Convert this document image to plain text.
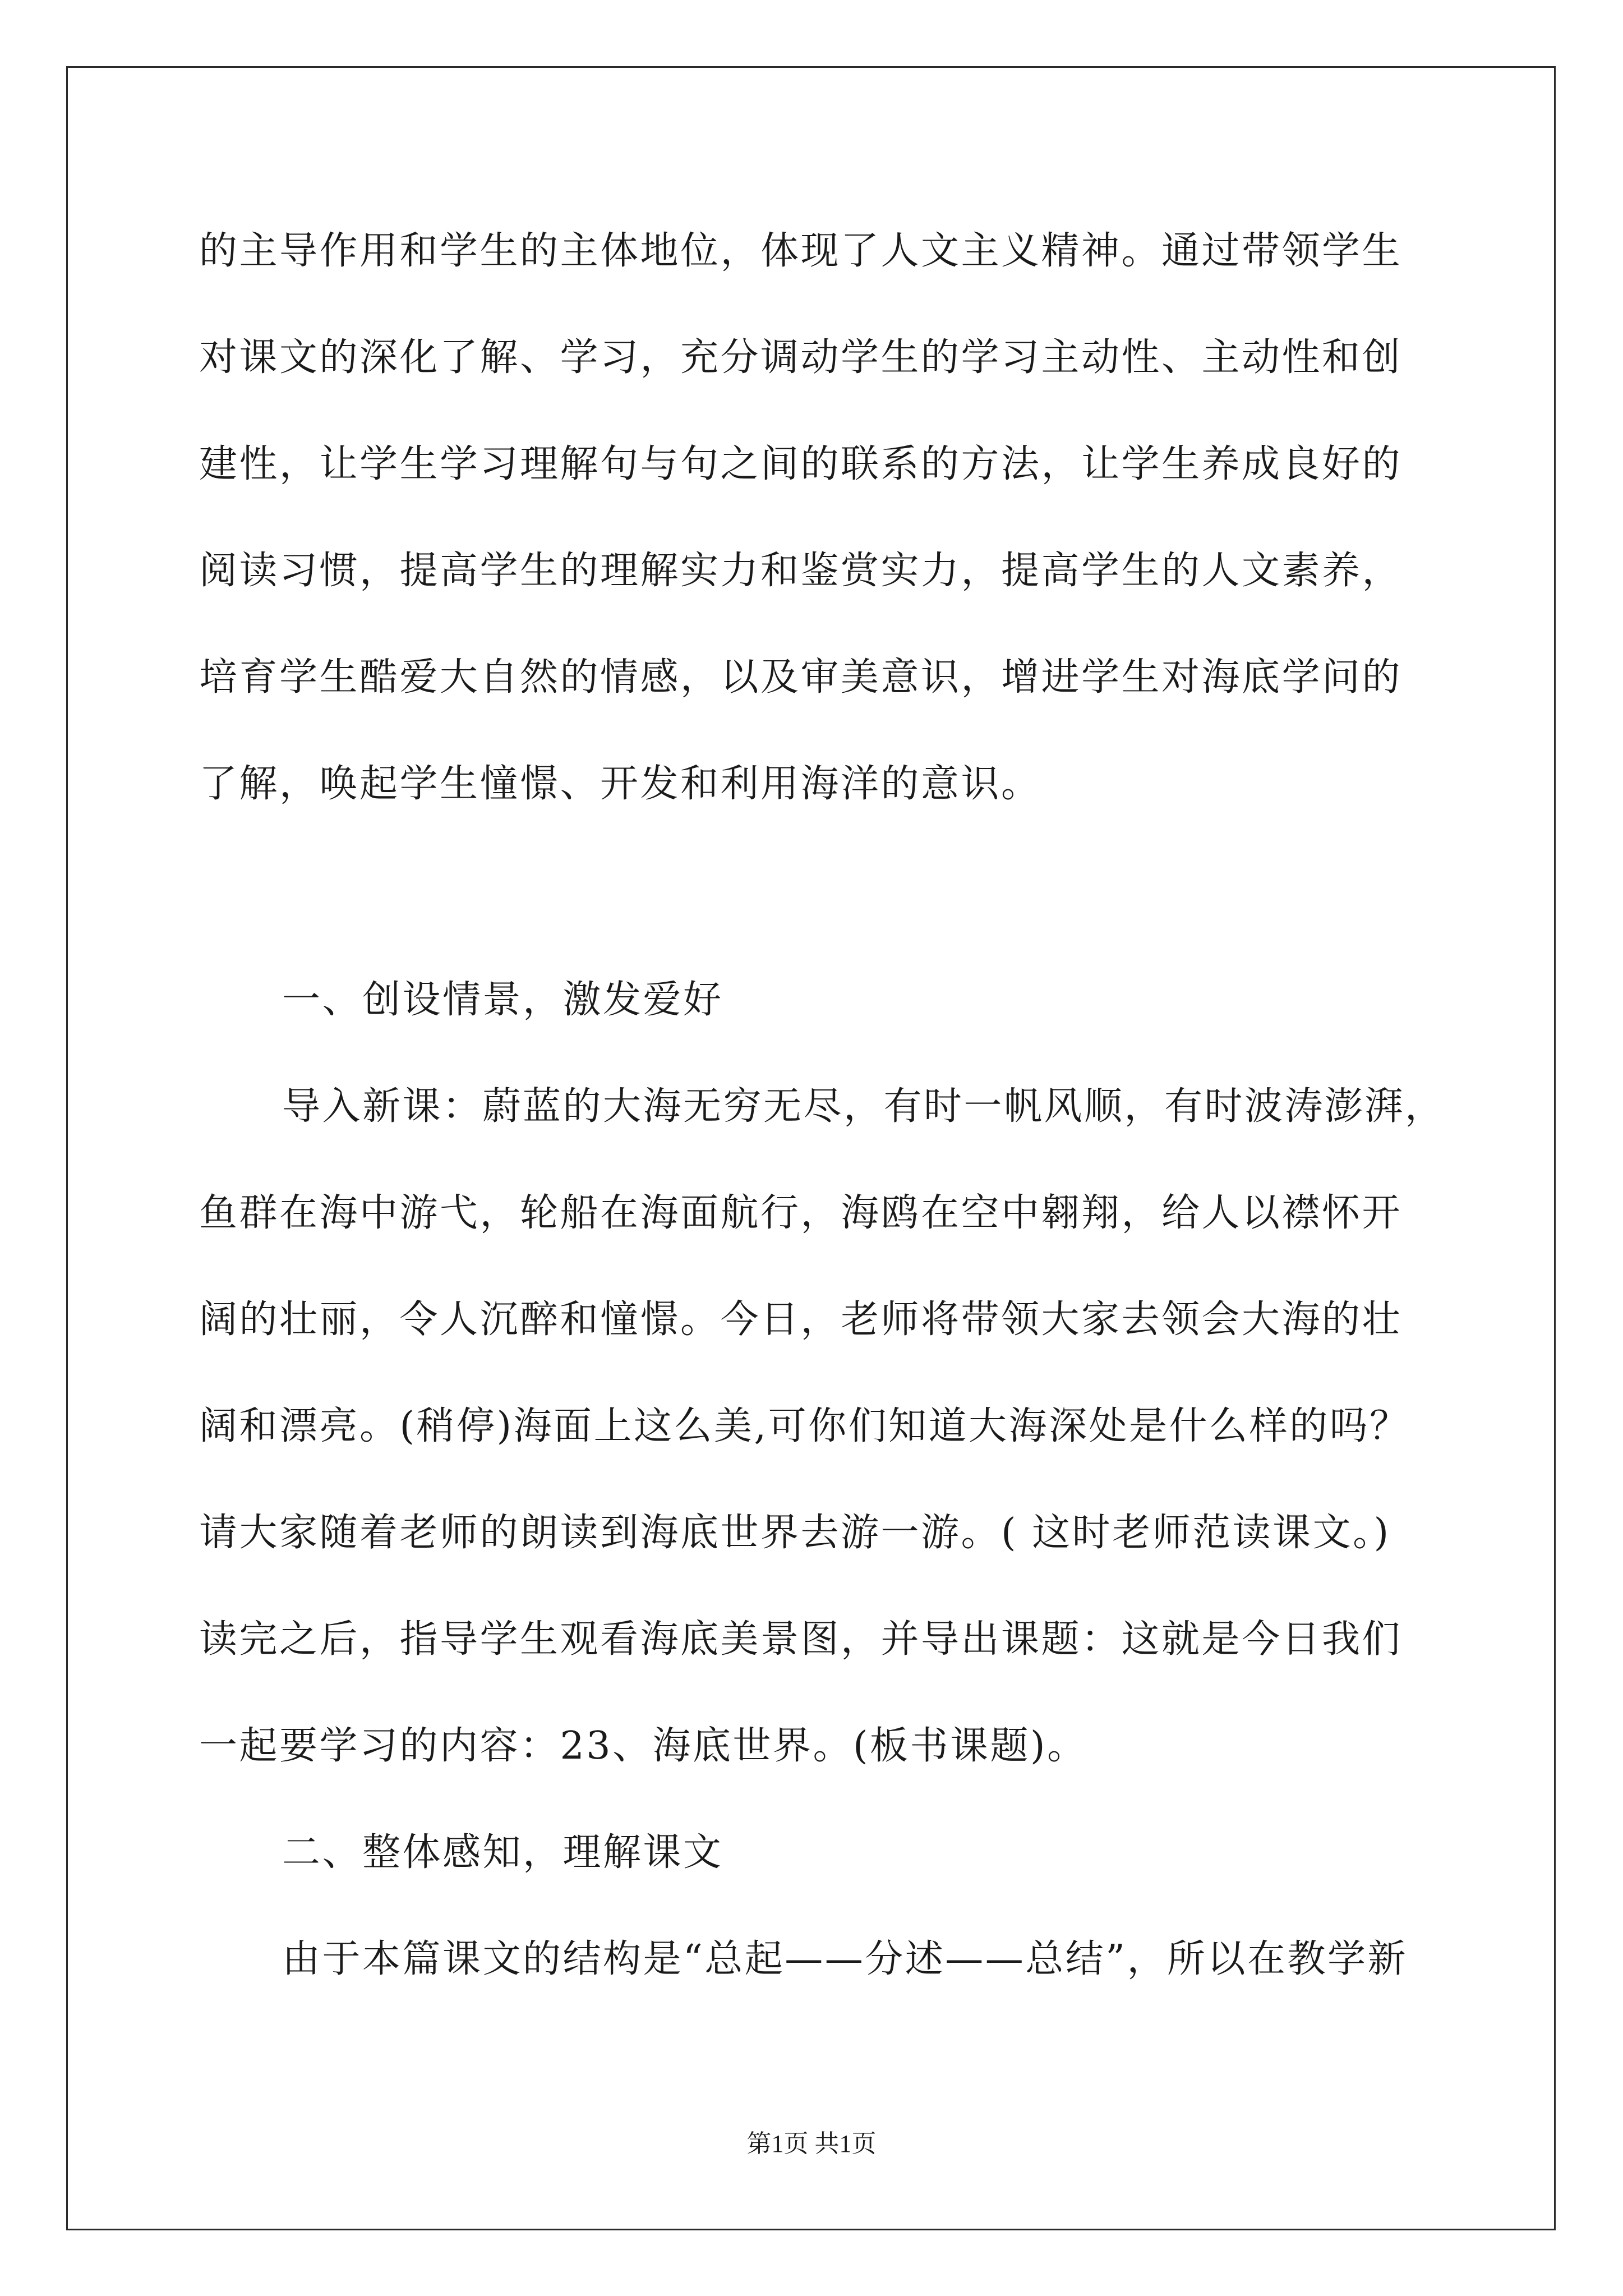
的主导作用和学生的主体地位，体现了人文主义精神。通过带领学生
对课文的深化了解、学习，充分调动学生的学习主动性、主动性和创
建性，让学生学习理解句与句之间的联系的方法，让学生养成良好的
阅读习惯，提高学生的理解实力和鉴赏实力，提高学生的人文素养，
培育学生酷爱大自然的情感，以及审美意识，增进学生对海底学问的
了解，唤起学生憧憬、开发和利用海洋的意识。
一、创设情景，激发爱好
导入新课：蔚蓝的大海无穷无尽，有时一帆风顺，有时波涛澎湃，
鱼群在海中游弋，轮船在海面航行，海鸥在空中翱翔，给人以襟怀开
阔的壮丽，令人沉醉和憧憬。今日，老师将带领大家去领会大海的壮
阔和漂亮。(稍停)海面上这么美,可你们知道大海深处是什么样的吗？
请大家随着老师的朗读到海底世界去游一游。( 这时老师范读课文。)
读完之后，指导学生观看海底美景图，并导出课题：这就是今日我们
一起要学习的内容：23、海底世界。(板书课题)。
二、整体感知，理解课文
由于本篇课文的结构是“总起——分述——总结”，所以在教学新
第1页 共1页
